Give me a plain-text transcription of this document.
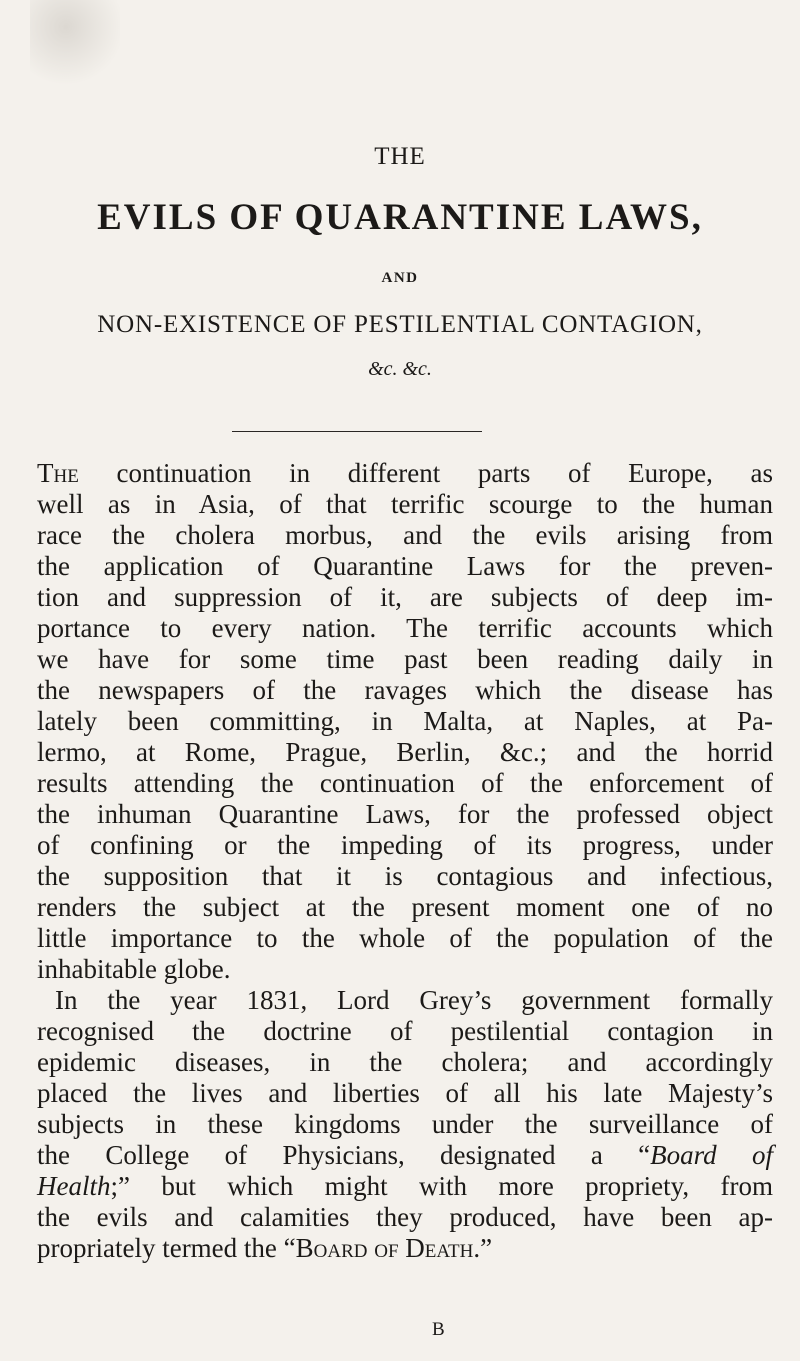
THE
EVILS OF QUARANTINE LAWS,
AND
NON-EXISTENCE OF PESTILENTIAL CONTAGION,
&c. &c.
The continuation in different parts of Europe, as
well as in Asia, of that terrific scourge to the human
race the cholera morbus, and the evils arising from
the application of Quarantine Laws for the preven-
tion and suppression of it, are subjects of deep im-
portance to every nation. The terrific accounts which
we have for some time past been reading daily in
the newspapers of the ravages which the disease has
lately been committing, in Malta, at Naples, at Pa-
lermo, at Rome, Prague, Berlin, &c.; and the horrid
results attending the continuation of the enforcement of
the inhuman Quarantine Laws, for the professed object
of confining or the impeding of its progress, under
the supposition that it is contagious and infectious,
renders the subject at the present moment one of no
little importance to the whole of the population of the
inhabitable globe.
In the year 1831, Lord Grey’s government formally
recognised the doctrine of pestilential contagion in
epidemic diseases, in the cholera; and accordingly
placed the lives and liberties of all his late Majesty’s
subjects in these kingdoms under the surveillance of
the College of Physicians, designated a “Board of
Health;” but which might with more propriety, from
the evils and calamities they produced, have been ap-
propriately termed the “Board of Death.”
B
